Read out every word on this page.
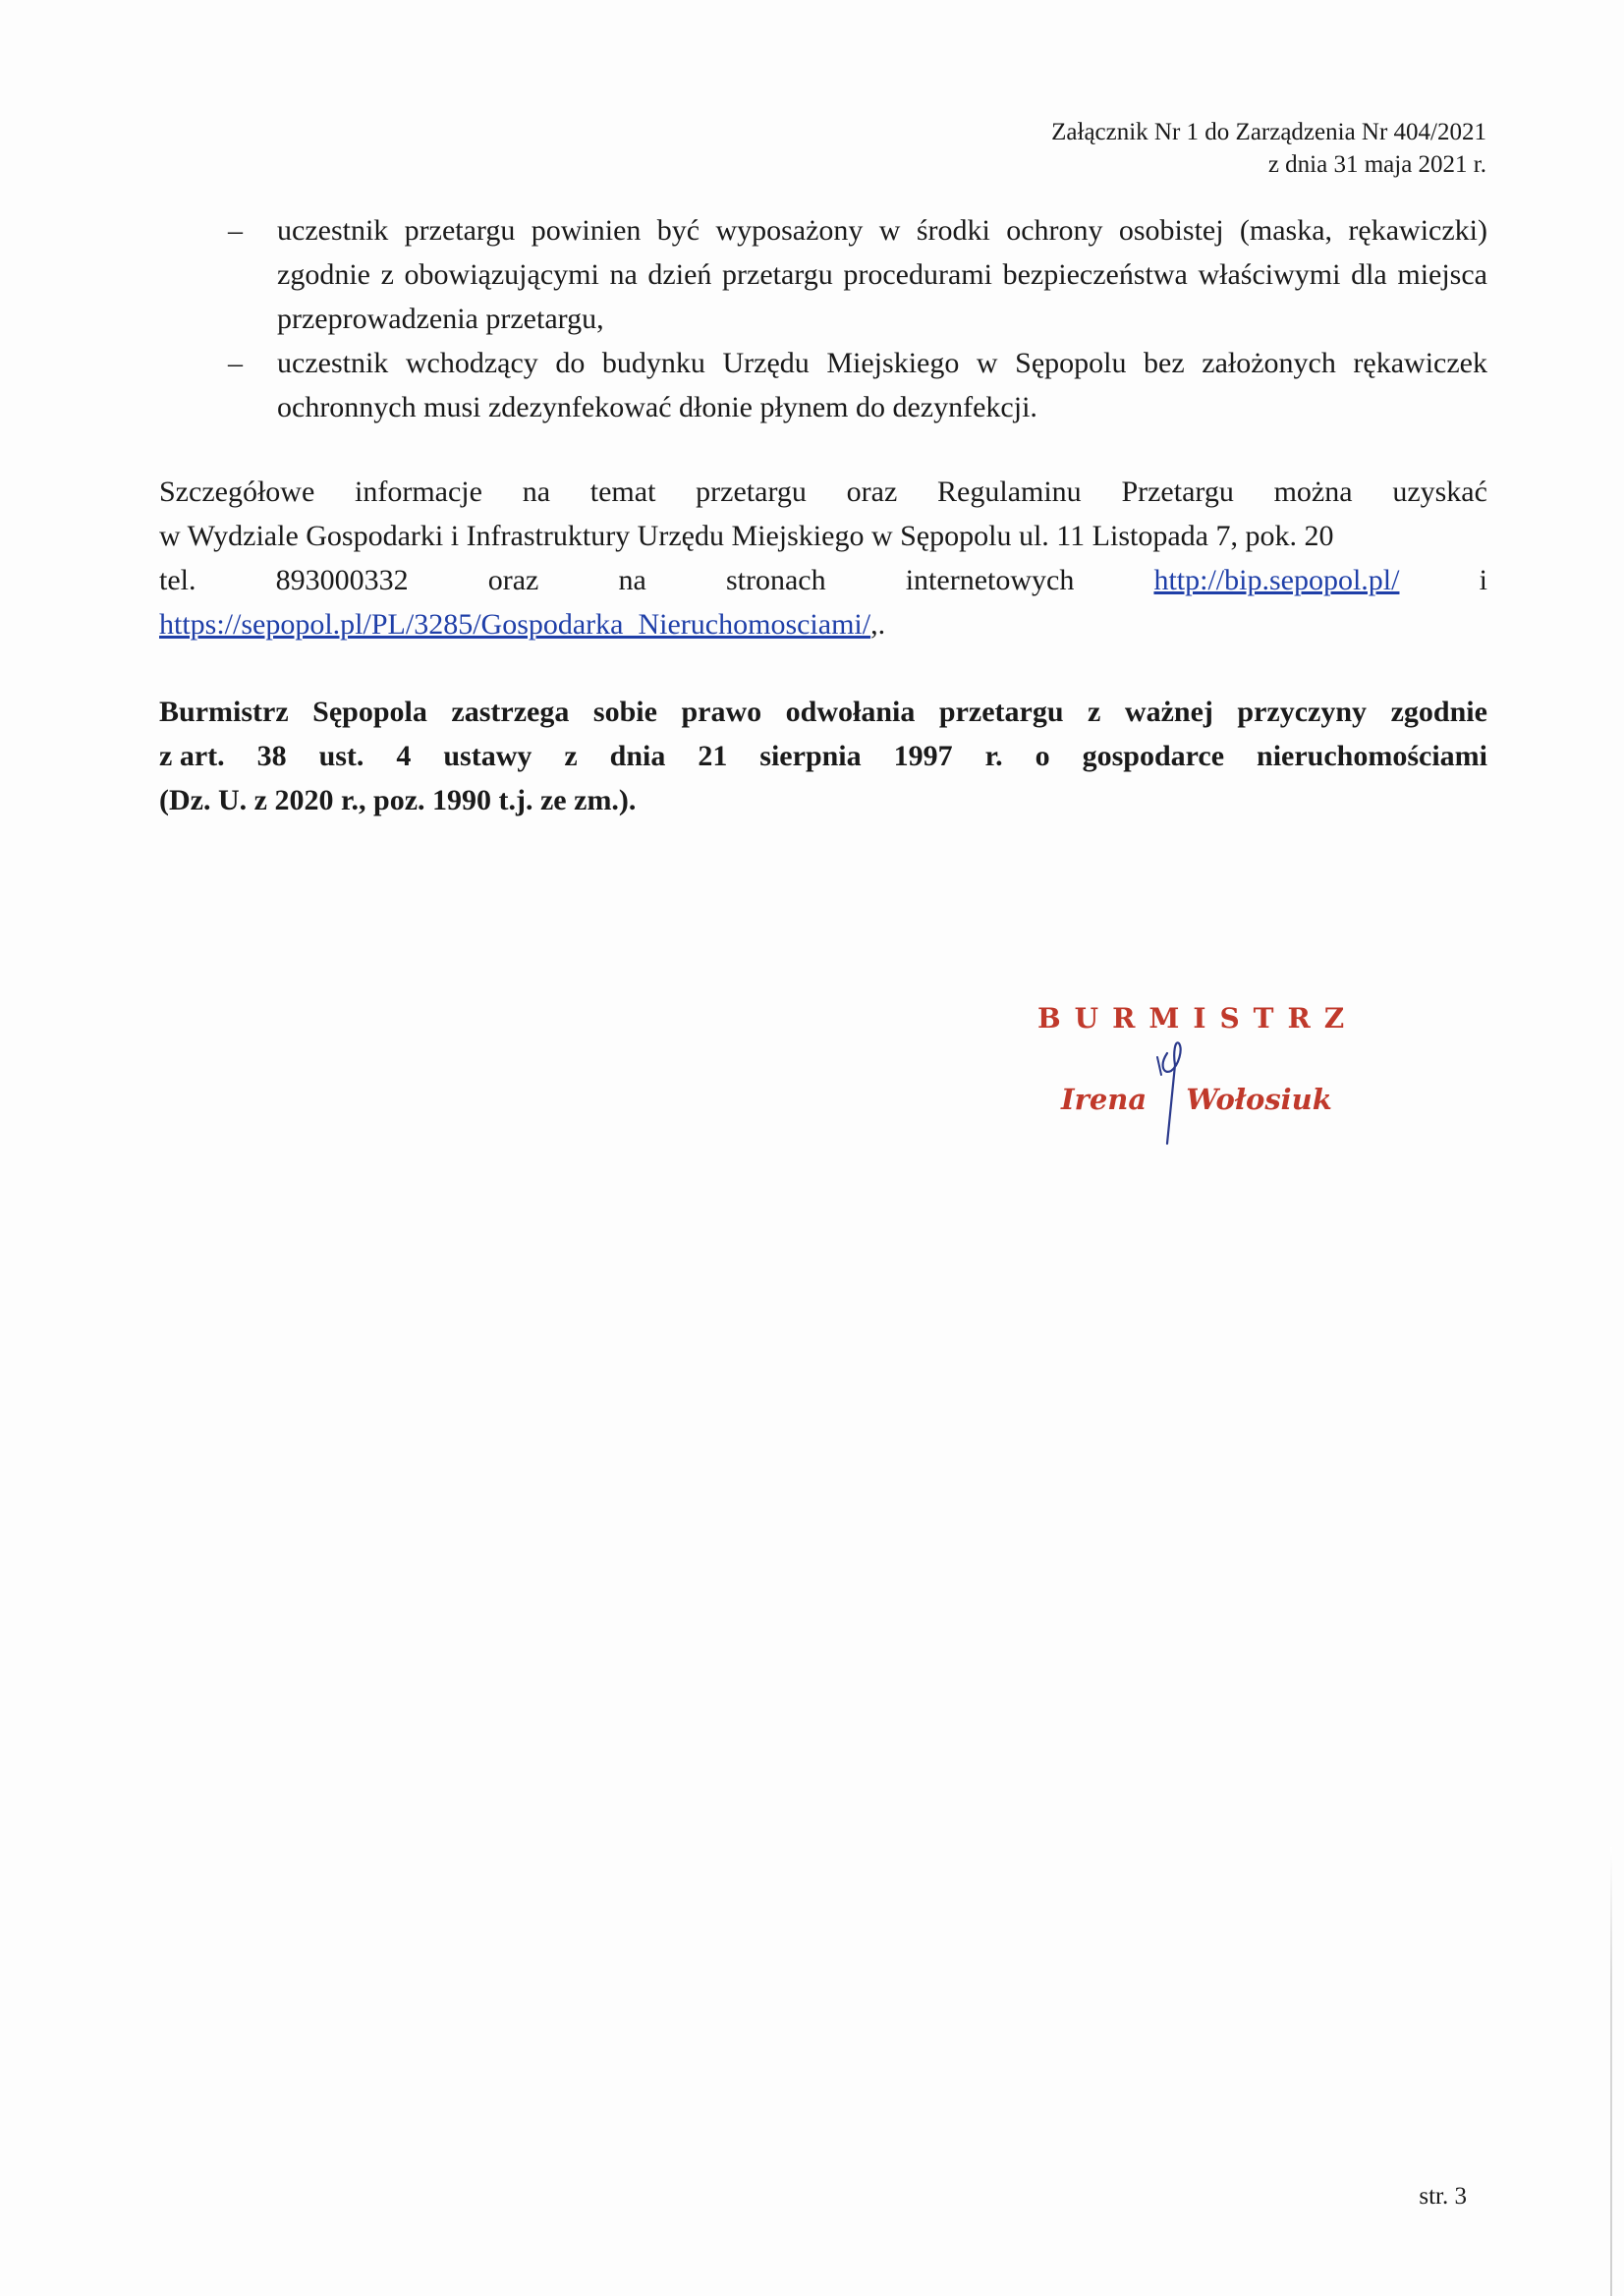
Załącznik Nr 1 do Zarządzenia Nr 404/2021
z dnia 31 maja 2021 r.
– uczestnik przetargu powinien być wyposażony w środki ochrony osobistej (maska, rękawiczki) zgodnie z obowiązującymi na dzień przetargu procedurami bezpieczeństwa właściwymi dla miejsca przeprowadzenia przetargu,
– uczestnik wchodzący do budynku Urzędu Miejskiego w Sępopolu bez założonych rękawiczek ochronnych musi zdezynfekować dłonie płynem do dezynfekcji.
Szczegółowe informacje na temat przetargu oraz Regulaminu Przetargu można uzyskać
w Wydziale Gospodarki i Infrastruktury Urzędu Miejskiego w Sępopolu ul. 11 Listopada 7, pok. 20
tel.	893000332	oraz	na	stronach	internetowych	http://bip.sepopol.pl/	i
https://sepopol.pl/PL/3285/Gospodarka_Nieruchomosciami/ ,.
Burmistrz Sępopola zastrzega sobie prawo odwołania przetargu z ważnej przyczyny zgodnie
z art. 38 ust. 4 ustawy z dnia 21 sierpnia 1997 r. o gospodarce nieruchomościami
(Dz. U. z 2020 r., poz. 1990 t.j. ze zm.).
BURMISTRZ
Irena Wołosiuk
str. 3
